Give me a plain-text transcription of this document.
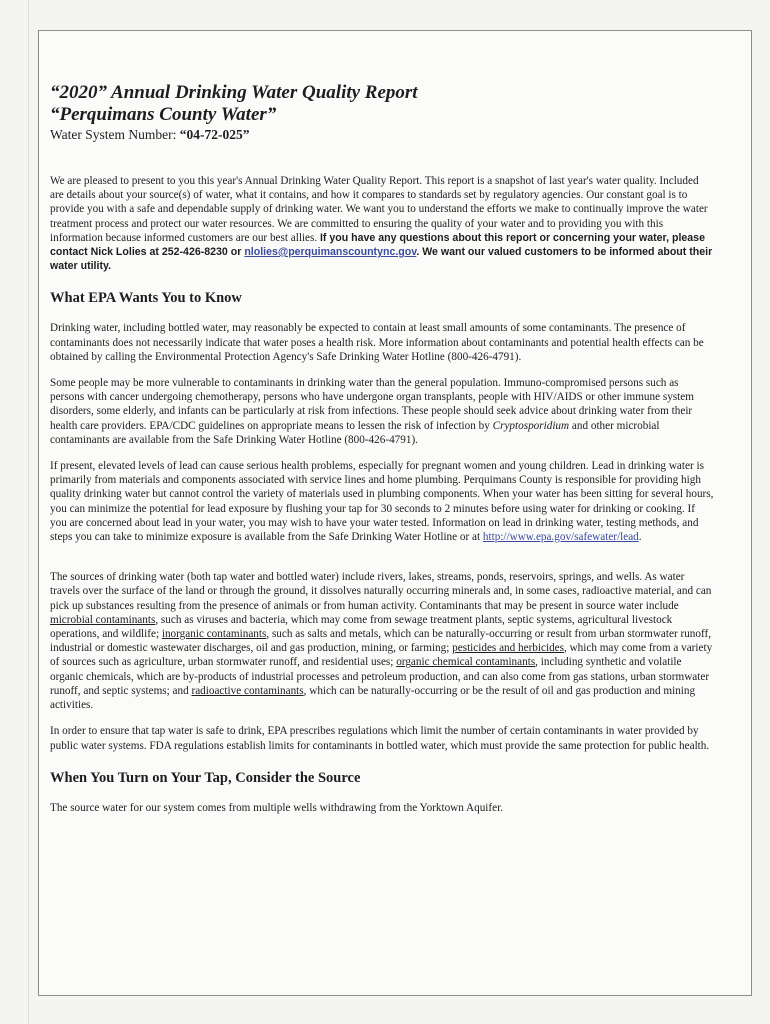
“2020” Annual Drinking Water Quality Report

“Perquimans County Water”

Water System Number: “04-72-025”

We are pleased to present to you this year's Annual Drinking Water Quality Report. This report is a snapshot of last year's water quality. Included are details about your source(s) of water, what it contains, and how it compares to standards set by regulatory agencies. Our constant goal is to provide you with a safe and dependable supply of drinking water. We want you to understand the efforts we make to continually improve the water treatment process and protect our water resources. We are committed to ensuring the quality of your water and to providing you with this information because informed customers are our best allies. If you have any questions about this report or concerning your water, please contact Nick Lolies at 252-426-8230 or nlolies@perquimanscountync.gov. We want our valued customers to be informed about their water utility.

What EPA Wants You to Know

Drinking water, including bottled water, may reasonably be expected to contain at least small amounts of some contaminants. The presence of contaminants does not necessarily indicate that water poses a health risk. More information about contaminants and potential health effects can be obtained by calling the Environmental Protection Agency's Safe Drinking Water Hotline (800-426-4791).

Some people may be more vulnerable to contaminants in drinking water than the general population. Immuno-compromised persons such as persons with cancer undergoing chemotherapy, persons who have undergone organ transplants, people with HIV/AIDS or other immune system disorders, some elderly, and infants can be particularly at risk from infections. These people should seek advice about drinking water from their health care providers. EPA/CDC guidelines on appropriate means to lessen the risk of infection by Cryptosporidium and other microbial contaminants are available from the Safe Drinking Water Hotline (800-426-4791).

If present, elevated levels of lead can cause serious health problems, especially for pregnant women and young children. Lead in drinking water is primarily from materials and components associated with service lines and home plumbing. Perquimans County is responsible for providing high quality drinking water but cannot control the variety of materials used in plumbing components. When your water has been sitting for several hours, you can minimize the potential for lead exposure by flushing your tap for 30 seconds to 2 minutes before using water for drinking or cooking. If you are concerned about lead in your water, you may wish to have your water tested. Information on lead in drinking water, testing methods, and steps you can take to minimize exposure is available from the Safe Drinking Water Hotline or at http://www.epa.gov/safewater/lead.

The sources of drinking water (both tap water and bottled water) include rivers, lakes, streams, ponds, reservoirs, springs, and wells. As water travels over the surface of the land or through the ground, it dissolves naturally occurring minerals and, in some cases, radioactive material, and can pick up substances resulting from the presence of animals or from human activity. Contaminants that may be present in source water include microbial contaminants, such as viruses and bacteria, which may come from sewage treatment plants, septic systems, agricultural livestock operations, and wildlife; inorganic contaminants, such as salts and metals, which can be naturally-occurring or result from urban stormwater runoff, industrial or domestic wastewater discharges, oil and gas production, mining, or farming; pesticides and herbicides, which may come from a variety of sources such as agriculture, urban stormwater runoff, and residential uses; organic chemical contaminants, including synthetic and volatile organic chemicals, which are by-products of industrial processes and petroleum production, and can also come from gas stations, urban stormwater runoff, and septic systems; and radioactive contaminants, which can be naturally-occurring or be the result of oil and gas production and mining activities.

In order to ensure that tap water is safe to drink, EPA prescribes regulations which limit the number of certain contaminants in water provided by public water systems. FDA regulations establish limits for contaminants in bottled water, which must provide the same protection for public health.

When You Turn on Your Tap, Consider the Source

The source water for our system comes from multiple wells withdrawing from the Yorktown Aquifer.
